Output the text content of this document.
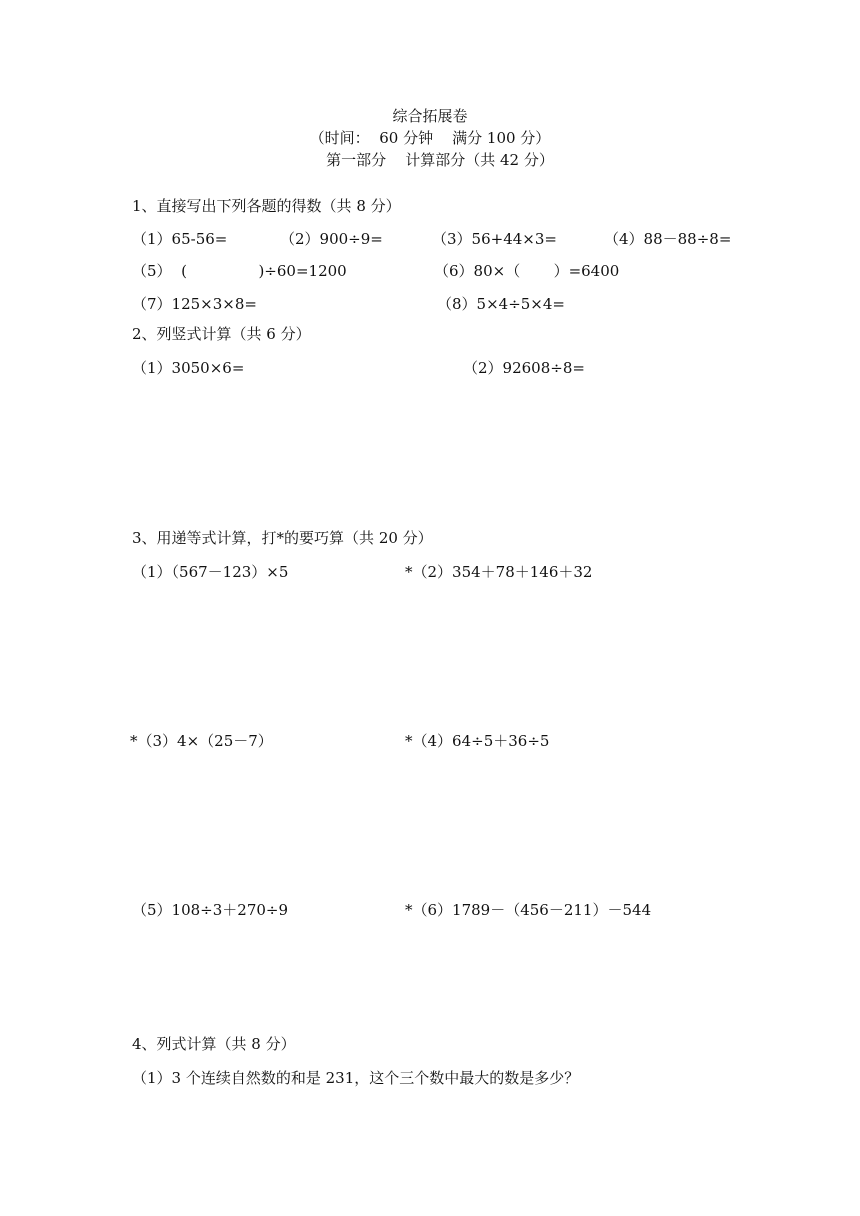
综合拓展卷
（时间：  60 分钟    满分 100 分）
第一部分    计算部分（共 42 分）
1、直接写出下列各题的得数（共 8 分）
（1）65-56=	（2）900÷9=	（3）56+44×3=	（4）88－88÷8=
（5）  (               )÷60=1200	（6）80×（       ）=6400
（7）125×3×8=	（8）5×4÷5×4=
2、列竖式计算（共 6 分）
（1）3050×6=	（2）92608÷8=
3、用递等式计算，打*的要巧算（共 20 分）
（1）（567－123）×5	*（2）354＋78＋146＋32
*（3）4×（25－7）	*（4）64÷5＋36÷5
（5）108÷3＋270÷9	*（6）1789－（456－211）－544
4、列式计算（共 8 分）
（1）3 个连续自然数的和是 231，这个三个数中最大的数是多少？
